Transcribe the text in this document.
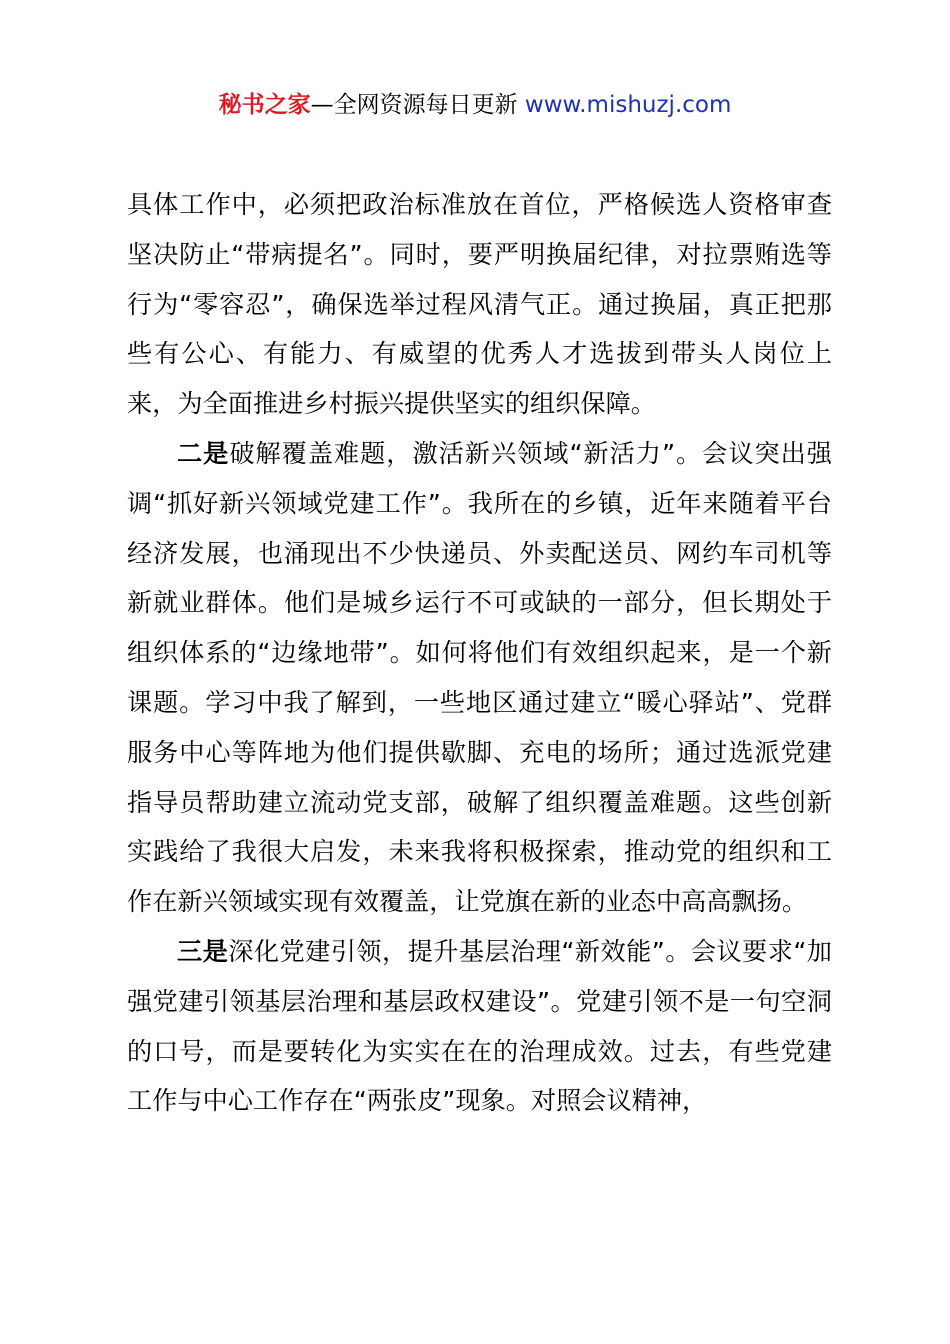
秘书之家—全网资源每日更新 www.mishuzj.com

具体工作中，必须把政治标准放在首位，严格候选人资格审查坚决防止“带病提名”。同时，要严明换届纪律，对拉票贿选等行为“零容忍”，确保选举过程风清气正。通过换届，真正把那些有公心、有能力、有威望的优秀人才选拔到带头人岗位上来，为全面推进乡村振兴提供坚实的组织保障。

二是破解覆盖难题，激活新兴领域“新活力”。会议突出强调“抓好新兴领域党建工作”。我所在的乡镇，近年来随着平台经济发展，也涌现出不少快递员、外卖配送员、网约车司机等新就业群体。他们是城乡运行不可或缺的一部分，但长期处于组织体系的“边缘地带”。如何将他们有效组织起来，是一个新课题。学习中我了解到，一些地区通过建立“暖心驿站”、党群服务中心等阵地为他们提供歇脚、充电的场所；通过选派党建指导员帮助建立流动党支部，破解了组织覆盖难题。这些创新实践给了我很大启发，未来我将积极探索，推动党的组织和工作在新兴领域实现有效覆盖，让党旗在新的业态中高高飘扬。

三是深化党建引领，提升基层治理“新效能”。会议要求“加强党建引领基层治理和基层政权建设”。党建引领不是一句空洞的口号，而是要转化为实实在在的治理成效。过去，有些党建工作与中心工作存在“两张皮”现象。对照会议精神，
